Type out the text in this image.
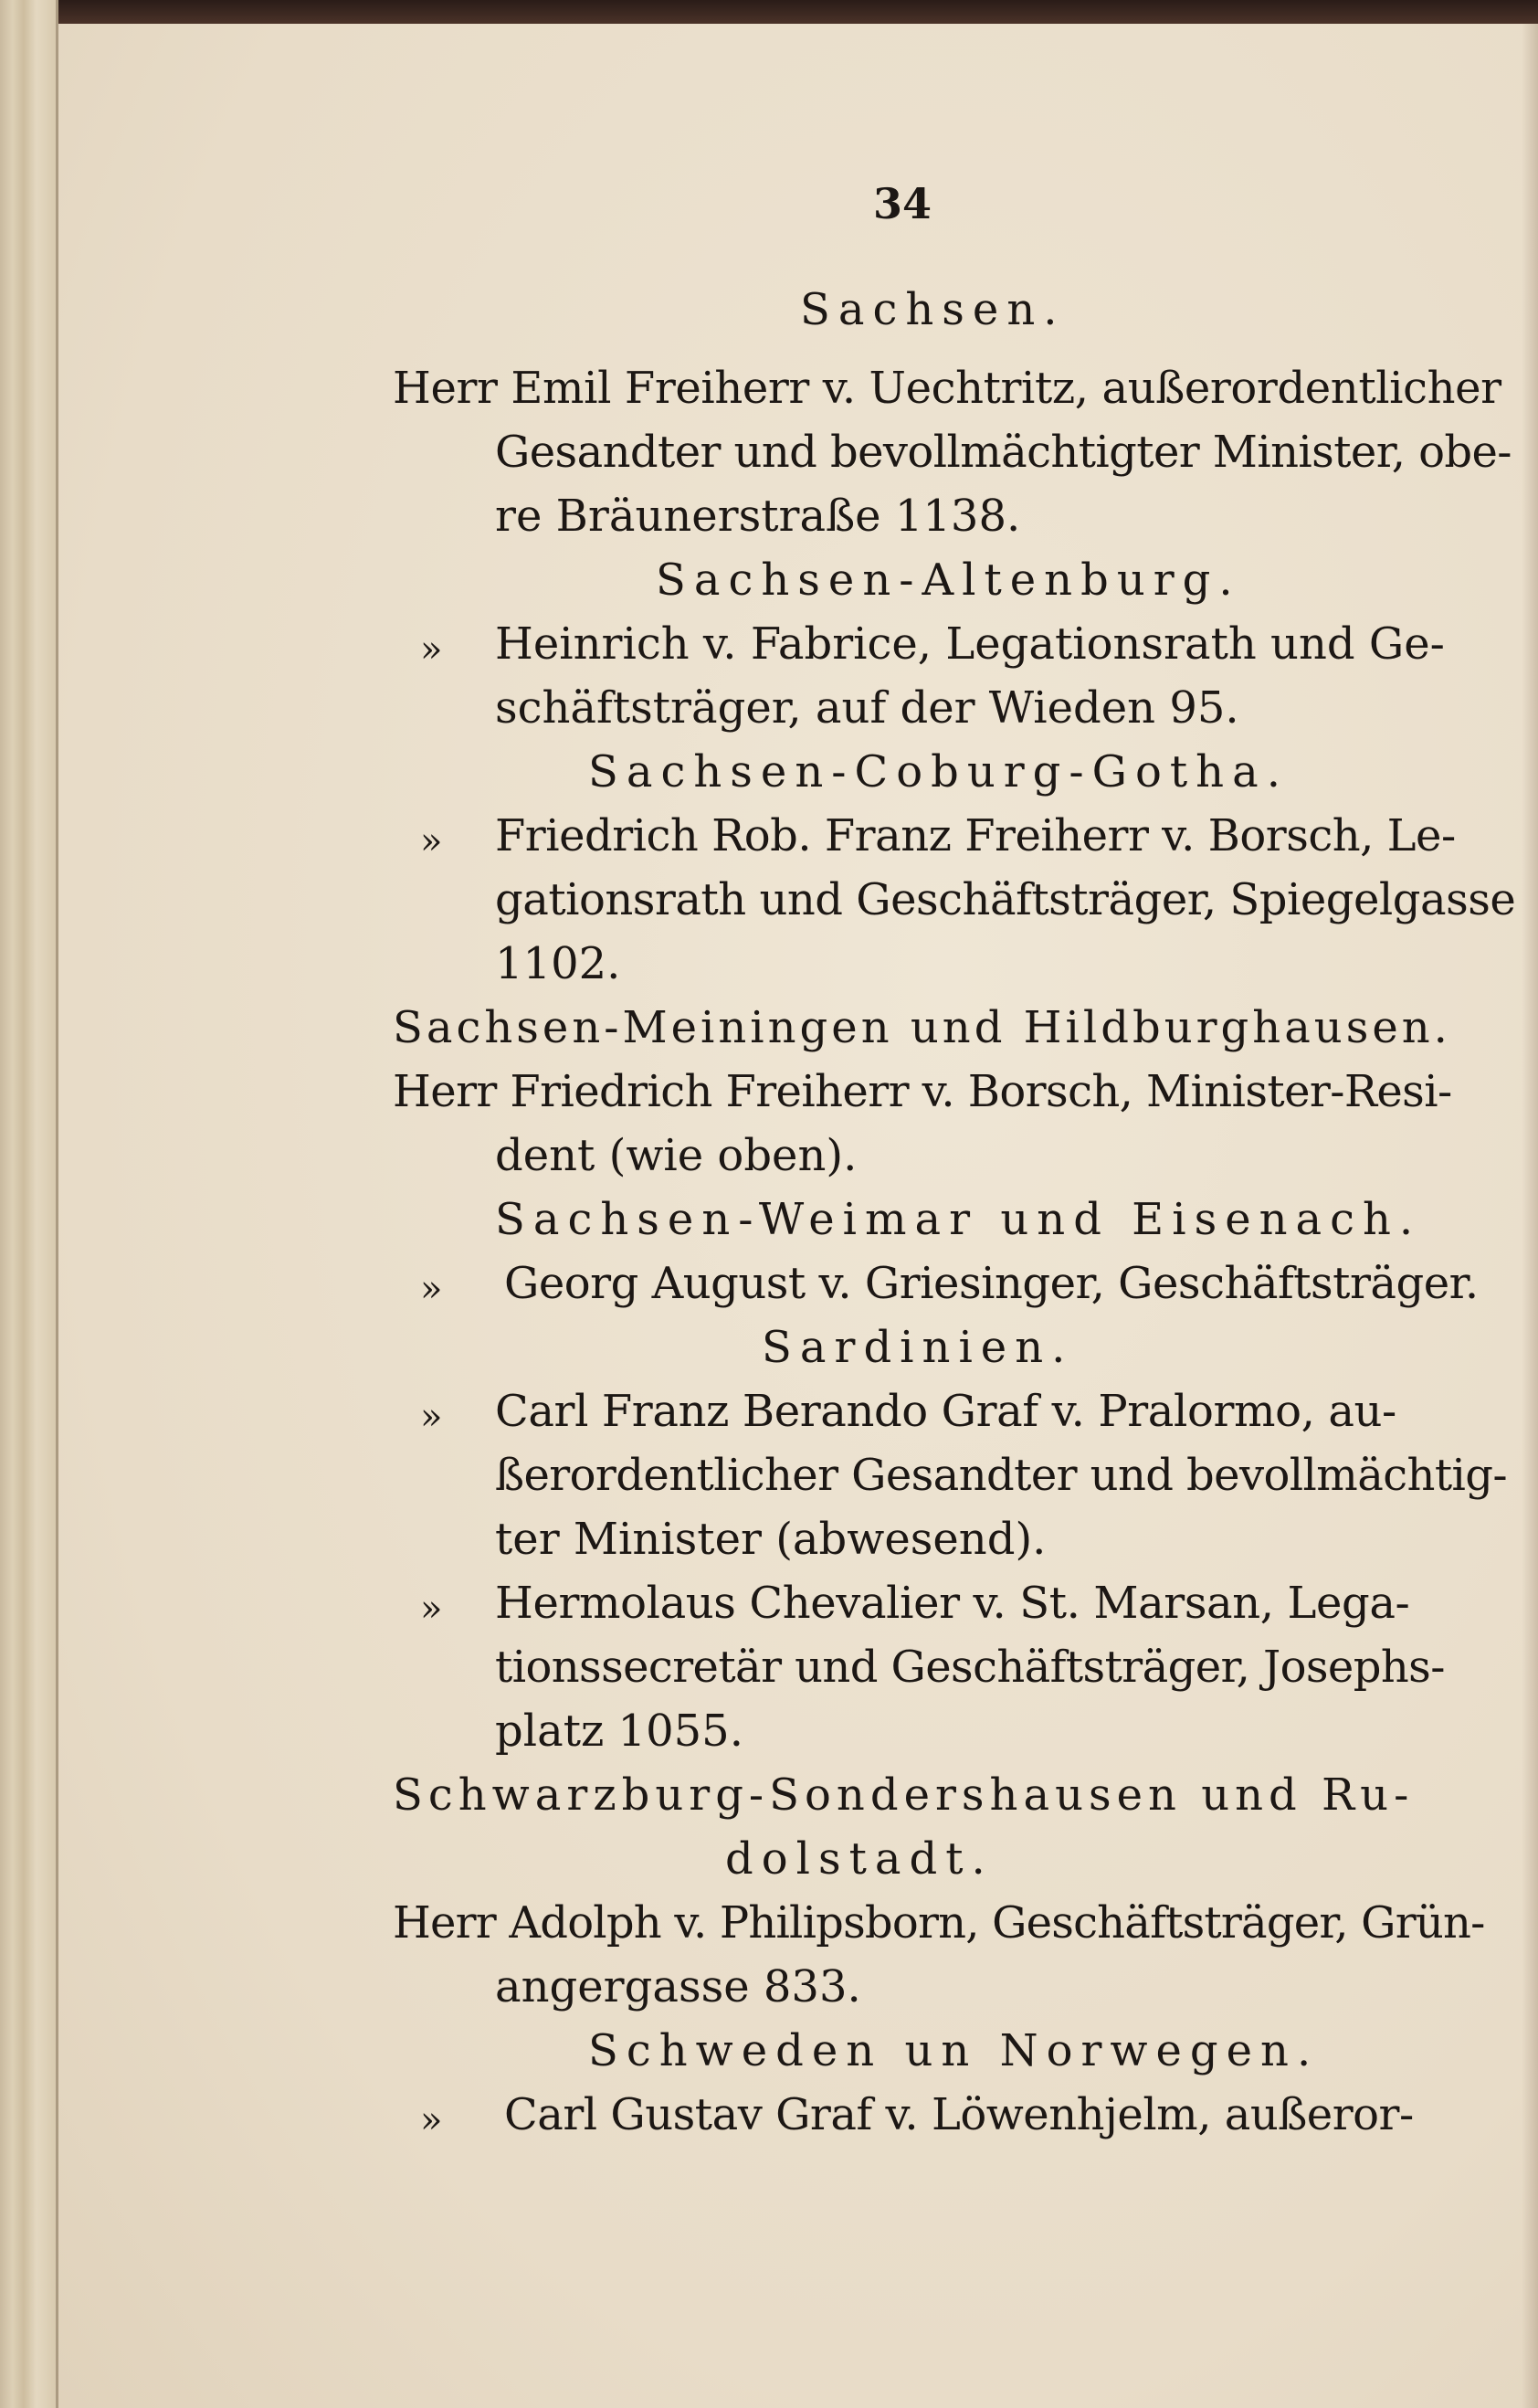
34
Sachsen.
Herr Emil Freiherr v. Uechtritz, außerordentlicher
Gesandter und bevollmächtigter Minister, obe-
re Bräunerstraße 1138.
Sachsen-Altenburg.
» Heinrich v. Fabrice, Legationsrath und Ge-
schäftsträger, auf der Wieden 95.
Sachsen-Coburg-Gotha.
» Friedrich Rob. Franz Freiherr v. Borsch, Le-
gationsrath und Geschäftsträger, Spiegelgasse
1102.
Sachsen-Meiningen und Hildburghausen.
Herr Friedrich Freiherr v. Borsch, Minister-Resi-
dent (wie oben).
Sachsen-Weimar und Eisenach.
» Georg August v. Griesinger, Geschäftsträger.
Sardinien.
» Carl Franz Berando Graf v. Pralormo, au-
ßerordentlicher Gesandter und bevollmächtig-
ter Minister (abwesend).
» Hermolaus Chevalier v. St. Marsan, Lega-
tionssecretär und Geschäftsträger, Josephs-
platz 1055.
Schwarzburg-Sondershausen und Ru-
dolstadt.
Herr Adolph v. Philipsborn, Geschäftsträger, Grün-
angergasse 833.
Schweden un Norwegen.
» Carl Gustav Graf v. Löwenhjelm, außeror-
